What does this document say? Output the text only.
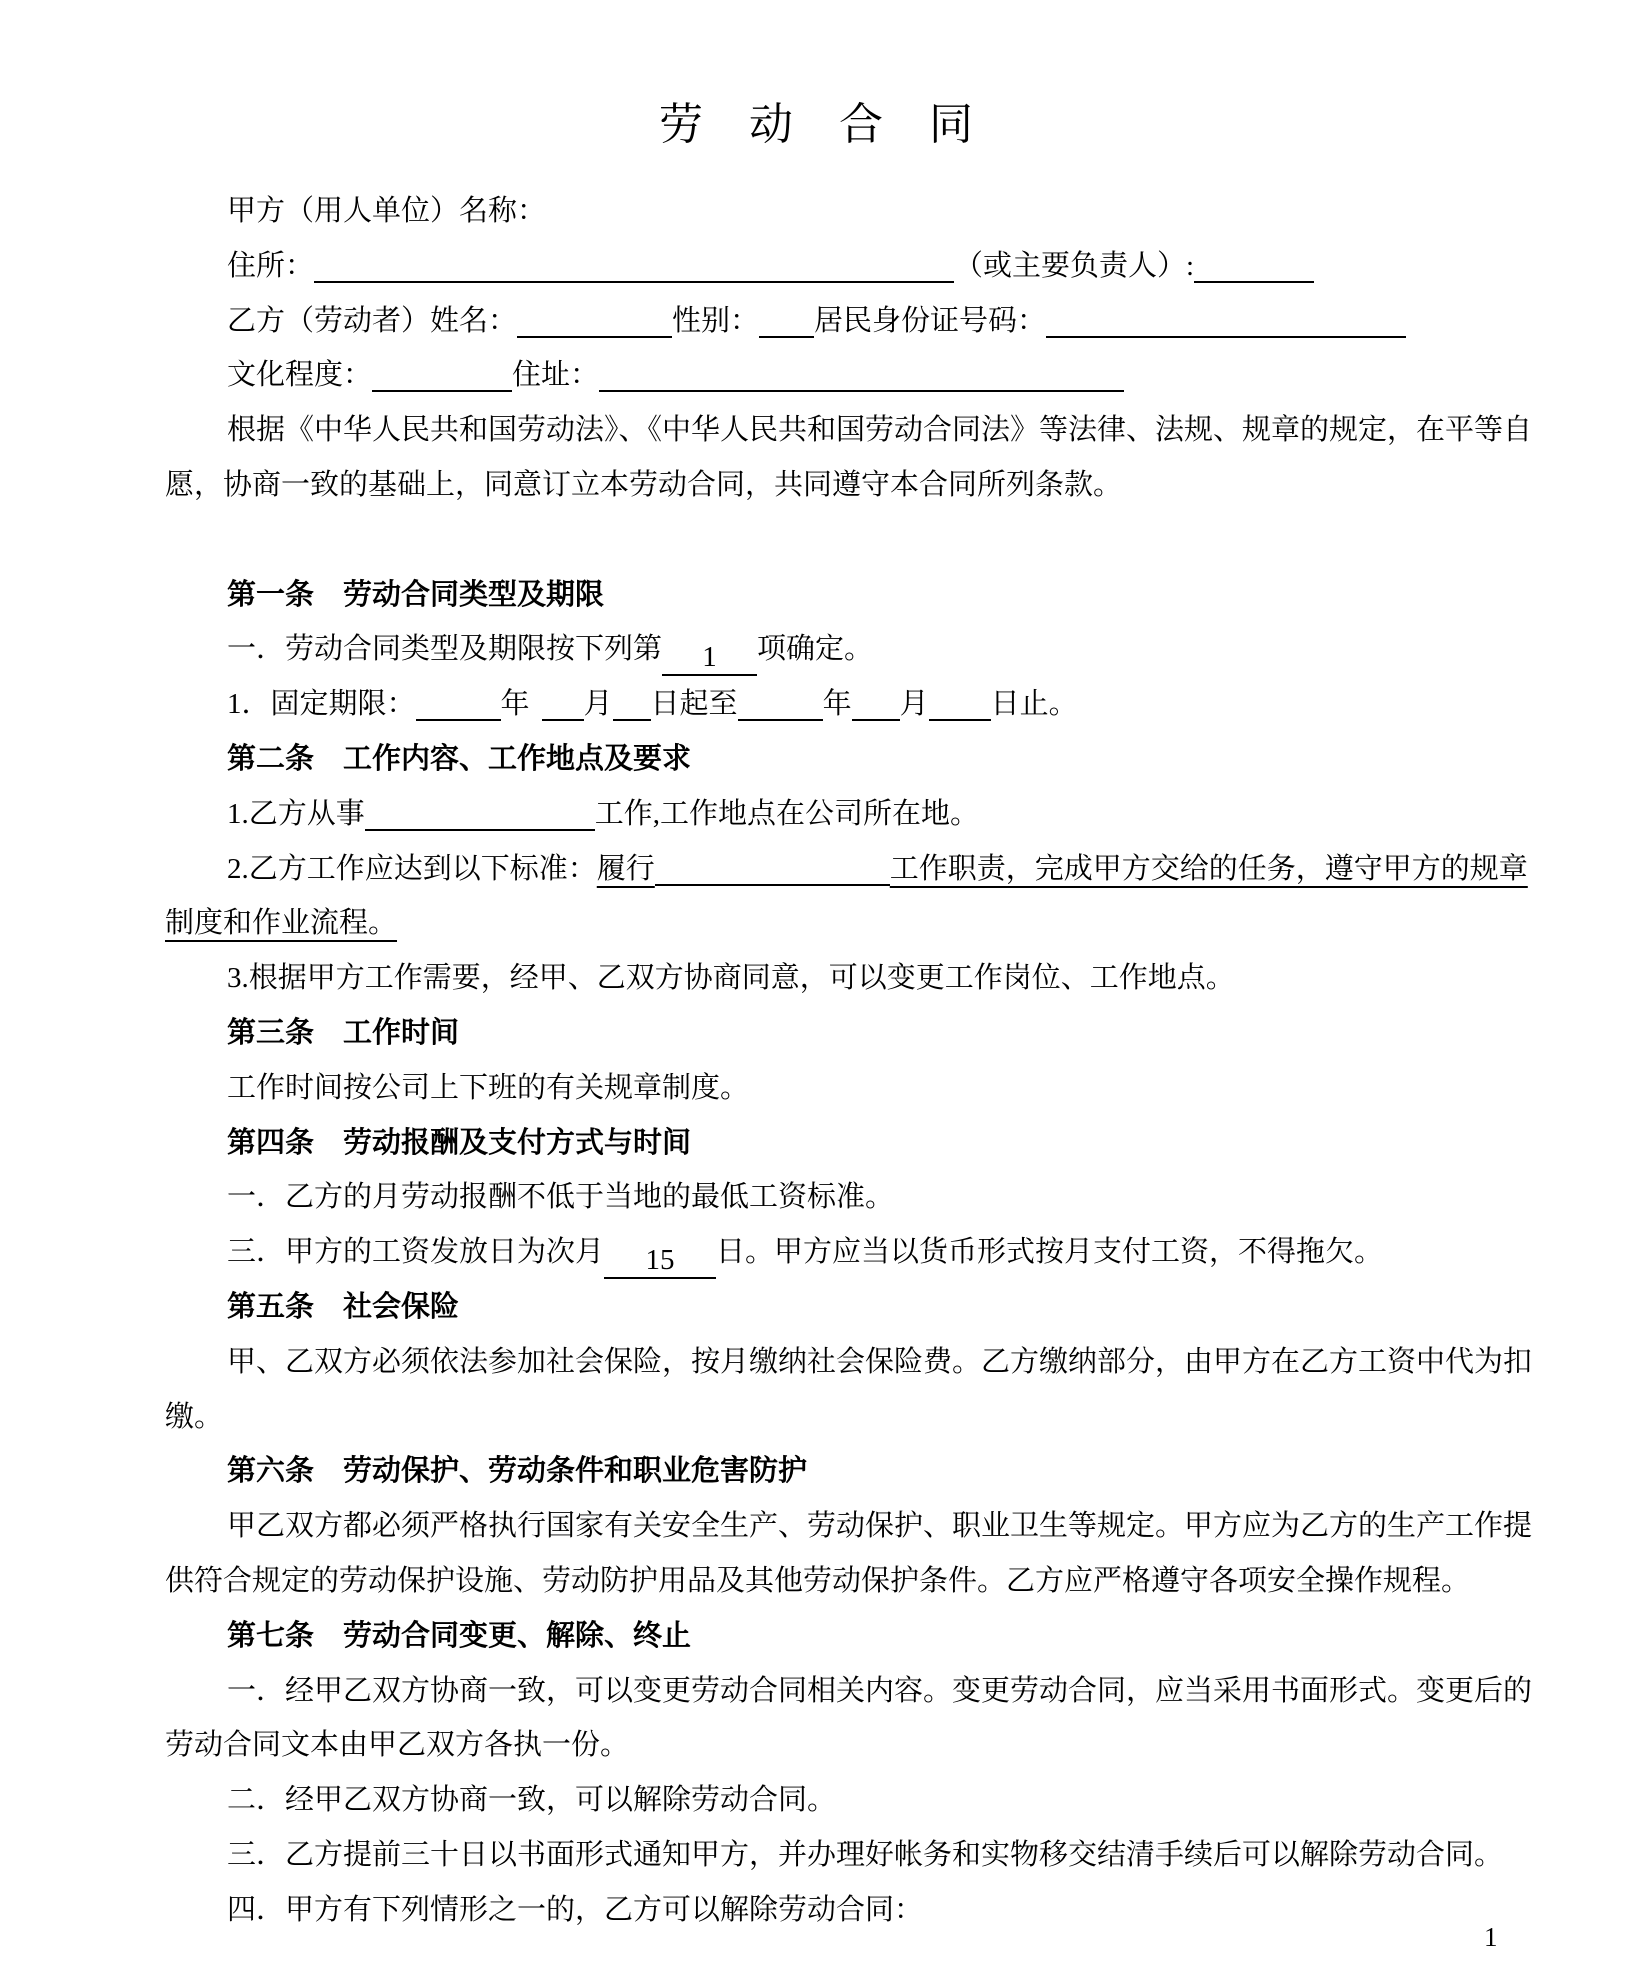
劳动合同
甲方（用人单位）名称：
住所：	（或主要负责人）:
乙方（劳动者）姓名：	性别： 居民身份证号码：
文化程度：	住址：
根据《中华人民共和国劳动法》、《中华人民共和国劳动合同法》等法律、法规、规章的规定，在平等自
愿，协商一致的基础上，同意订立本劳动合同，共同遵守本合同所列条款。
第一条　劳动合同类型及期限
一．劳动合同类型及期限按下列第 1 项确定。
1．固定期限：	年 月 日起至	年 月 日止。
第二条　工作内容、工作地点及要求
1.乙方从事	工作,工作地点在公司所在地。
2.乙方工作应达到以下标准：履行	工作职责，完成甲方交给的任务，遵守甲方的规章
制度和作业流程。
3.根据甲方工作需要，经甲、乙双方协商同意，可以变更工作岗位、工作地点。
第三条　工作时间
工作时间按公司上下班的有关规章制度。
第四条　劳动报酬及支付方式与时间
一．乙方的月劳动报酬不低于当地的最低工资标准。
三．甲方的工资发放日为次月 15 日。甲方应当以货币形式按月支付工资，不得拖欠。
第五条　社会保险
甲、乙双方必须依法参加社会保险，按月缴纳社会保险费。乙方缴纳部分，由甲方在乙方工资中代为扣
缴。
第六条　劳动保护、劳动条件和职业危害防护
甲乙双方都必须严格执行国家有关安全生产、劳动保护、职业卫生等规定。甲方应为乙方的生产工作提
供符合规定的劳动保护设施、劳动防护用品及其他劳动保护条件。乙方应严格遵守各项安全操作规程。
第七条　劳动合同变更、解除、终止
一．经甲乙双方协商一致，可以变更劳动合同相关内容。变更劳动合同，应当采用书面形式。变更后的
劳动合同文本由甲乙双方各执一份。
二．经甲乙双方协商一致，可以解除劳动合同。
三．乙方提前三十日以书面形式通知甲方，并办理好帐务和实物移交结清手续后可以解除劳动合同。
四．甲方有下列情形之一的，乙方可以解除劳动合同：
1
